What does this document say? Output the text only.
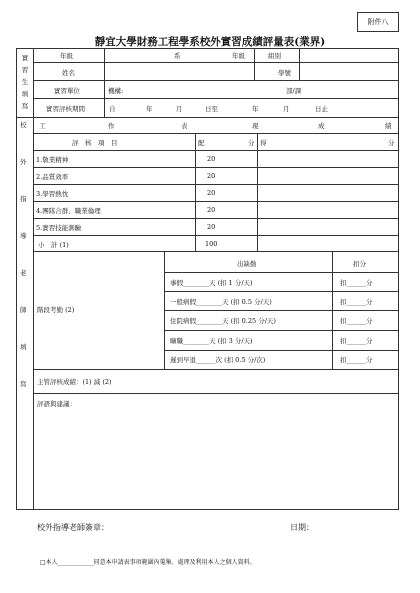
附件八
靜宜大學財務工程學系校外實習成績評量表(業界)
實
習
生
填
寫
年級	系	年級	組別
姓名	學號
實習單位	機構:	部/課
實習評核期間	自	年	月	日至	年	月	日止
校
外
指
導
老
師
填
寫
工	作	表	現	成	績
評　核　項　目	配	分 得	分
1.敬業精神	20
2.品質效率	20
3.學習熱忱	20
4.團隊合群、職業倫理	20
5.實習技能測驗	20
小　計 (1)	100
階段考勤 (2)
出缺勤	扣分
事假________天 (扣 1 分/天)	扣______分
一般病假________天 (扣 0.5 分/天)	扣______分
住院病假________天 (扣 0.25 分/天)	扣______分
曠職________天 (扣 3 分/天)	扣______分
遲到早退______次 (扣 0.5 分/次)	扣______分
主管評核成績：(1) 減 (2)
評語與建議：
校外指導老師簽章：	日期：
□本人____________同意本申請表事項範圍內蒐集、處理及利用本人之個人資料。
